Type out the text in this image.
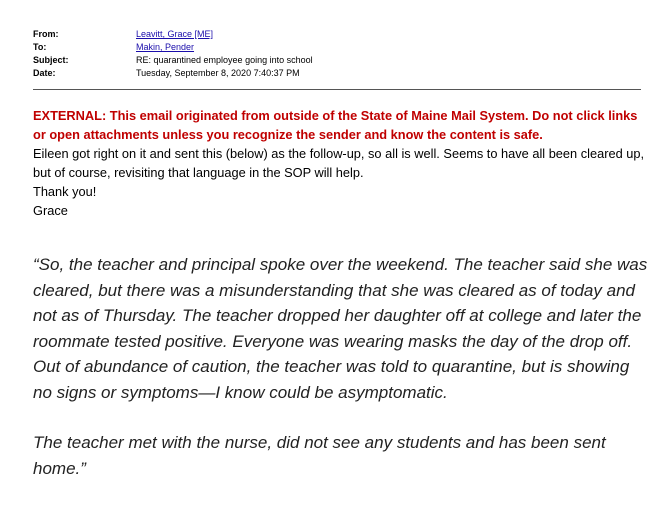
From:	Leavitt, Grace [ME]
To:	Makin, Pender
Subject:	RE: quarantined employee going into school
Date:	Tuesday, September 8, 2020 7:40:37 PM
EXTERNAL: This email originated from outside of the State of Maine Mail System. Do not click links or open attachments unless you recognize the sender and know the content is safe.
Eileen got right on it and sent this (below) as the follow-up, so all is well. Seems to have all been cleared up, but of course, revisiting that language in the SOP will help.
Thank you!
Grace

“So, the teacher and principal spoke over the weekend. The teacher said she was cleared, but there was a misunderstanding that she was cleared as of today and not as of Thursday. The teacher dropped her daughter off at college and later the roommate tested positive. Everyone was wearing masks the day of the drop off. Out of abundance of caution, the teacher was told to quarantine, but is showing no signs or symptoms—I know could be asymptomatic.

The teacher met with the nurse, did not see any students and has been sent home.”
